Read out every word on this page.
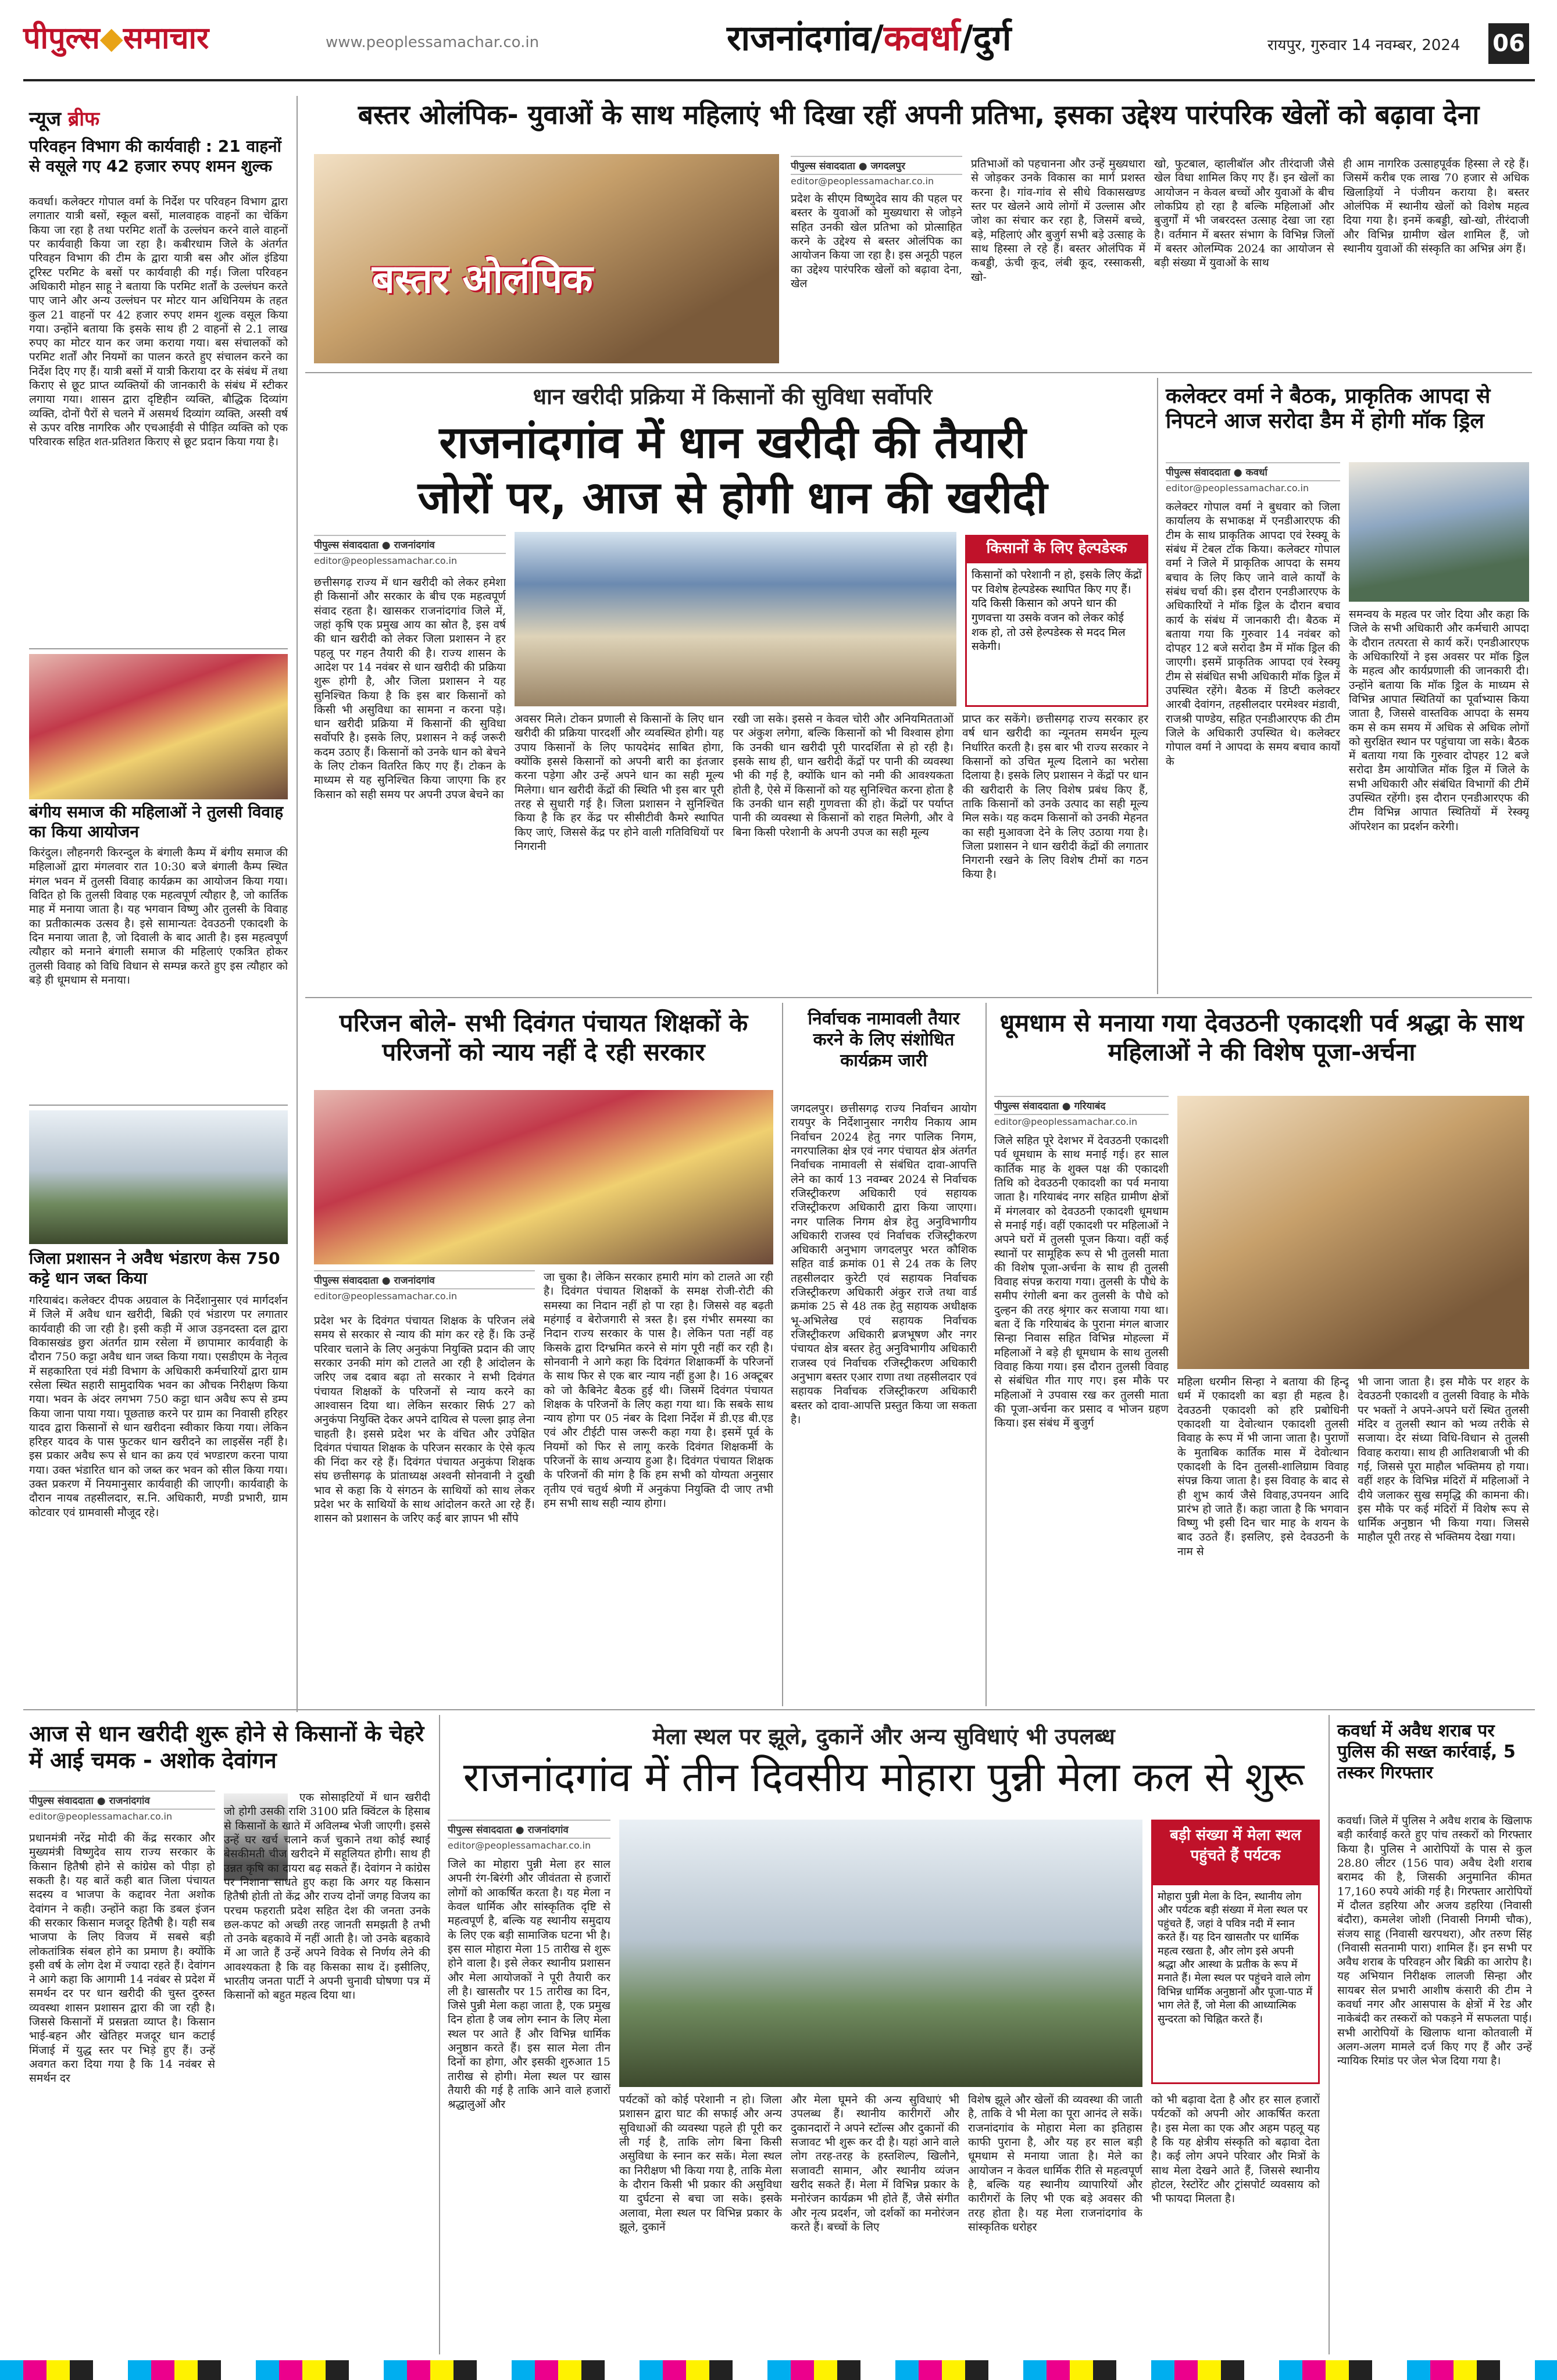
पीपुल्स◆समाचार	www.peoplessamachar.co.in	राजनांदगांव/कवर्धा/दुर्ग	रायपुर, गुरुवार 14 नवम्बर, 2024 06
न्यूज ब्रीफ
परिवहन विभाग की कार्यवाही : 21 वाहनों से वसूले गए 42 हजार रुपए शमन शुल्क
कवर्धा। कलेक्टर गोपाल वर्मा के निर्देश पर परिवहन विभाग द्वारा लगातार यात्री बसों, स्कूल बसों, मालवाहक वाहनों का चेकिंग किया जा रहा है तथा परमिट शर्तों के उल्लंघन करने वाले वाहनों पर कार्यवाही किया जा रहा है। कबीरधाम जिले के अंतर्गत परिवहन विभाग की टीम के द्वारा यात्री बस और ऑल इंडिया टूरिस्ट परमिट के बसों पर कार्यवाही की गई। जिला परिवहन अधिकारी मोहन साहू ने बताया कि परमिट शर्तों के उल्लंघन करते पाए जाने और अन्य उल्लंघन पर मोटर यान अधिनियम के तहत कुल 21 वाहनों पर 42 हजार रुपए शमन शुल्क वसूल किया गया। उन्होंने बताया कि इसके साथ ही 2 वाहनों से 2.1 लाख रुपए का मोटर यान कर जमा कराया गया। बस संचालकों को परमिट शर्तों और नियमों का पालन करते हुए संचालन करने का निर्देश दिए गए हैं। यात्री बसों में यात्री किराया दर के संबंध में तथा किराए से छूट प्राप्त व्यक्तियों की जानकारी के संबंध में स्टीकर लगाया गया। शासन द्वारा दृष्टिहीन व्यक्ति, बौद्धिक दिव्यांग व्यक्ति, दोनों पैरों से चलने में असमर्थ दिव्यांग व्यक्ति, अस्सी वर्ष से ऊपर वरिष्ठ नागरिक और एचआईवी से पीड़ित व्यक्ति को एक परिवारक सहित शत-प्रतिशत किराए से छूट प्रदान किया गया है।
बंगीय समाज की महिलाओं ने तुलसी विवाह का किया आयोजन
किरंदुल। लौहनगरी किरन्दुल के बंगाली कैम्प में बंगीय समाज की महिलाओं द्वारा मंगलवार रात 10:30 बजे बंगाली कैम्प स्थित मंगल भवन में तुलसी विवाह कार्यक्रम का आयोजन किया गया। विदित हो कि तुलसी विवाह एक महत्वपूर्ण त्यौहार है, जो कार्तिक माह में मनाया जाता है। यह भगवान विष्णु और तुलसी के विवाह का प्रतीकात्मक उत्सव है। इसे सामान्यतः देवउठनी एकादशी के दिन मनाया जाता है, जो दिवाली के बाद आती है। इस महत्वपूर्ण त्यौहार को मनाने बंगाली समाज की महिलाएं एकत्रित होकर तुलसी विवाह को विधि विधान से सम्पन्न करते हुए इस त्यौहार को बड़े ही धूमधाम से मनाया।
जिला प्रशासन ने अवैध भंडारण केस 750 कट्टे धान जब्त किया
गरियाबंद। कलेक्टर दीपक अग्रवाल के निर्देशानुसार एवं मार्गदर्शन में जिले में अवैध धान खरीदी, बिक्री एवं भंडारण पर लगातार कार्यवाही की जा रही है। इसी कड़ी में आज उड़नदस्ता दल द्वारा विकासखंड छुरा अंतर्गत ग्राम रसेला में छापामार कार्यवाही के दौरान 750 कट्टा अवैध धान जब्त किया गया। एसडीएम के नेतृत्व में सहकारिता एवं मंडी विभाग के अधिकारी कर्मचारियों द्वारा ग्राम रसेला स्थित सहारी सामुदायिक भवन का औचक निरीक्षण किया गया। भवन के अंदर लगभग 750 कट्टा धान अवैध रूप से डम्प किया जाना पाया गया। पूछताछ करने पर ग्राम का निवासी हरिहर यादव द्वारा किसानों से धान खरीदना स्वीकार किया गया। लेकिन हरिहर यादव के पास फुटकर धान खरीदने का लाइसेंस नहीं है। इस प्रकार अवैध रूप से धान का क्रय एवं भण्डारण करना पाया गया। उक्त भंडारित धान को जब्त कर भवन को सील किया गया। उक्त प्रकरण में नियमानुसार कार्यवाही की जाएगी। कार्यवाही के दौरान नायब तहसीलदार, स.नि. अधिकारी, मण्डी प्रभारी, ग्राम कोटवार एवं ग्रामवासी मौजूद रहे।
बस्तर ओलंपिक- युवाओं के साथ महिलाएं भी दिखा रहीं अपनी प्रतिभा, इसका उद्देश्य पारंपरिक खेलों को बढ़ावा देना
बस्तर ओलंपिक
पीपुल्स संवाददाता ● जगदलपुर
editor@peoplessamachar.co.in
प्रदेश के सीएम विष्णुदेव साय की पहल पर बस्तर के युवाओं को मुख्यधारा से जोड़ने सहित उनकी खेल प्रतिभा को प्रोत्साहित करने के उद्देश्य से बस्तर ओलंपिक का आयोजन किया जा रहा है। इस अनूठी पहल का उद्देश्य पारंपरिक खेलों को बढ़ावा देना, खेल
प्रतिभाओं को पहचानना और उन्हें मुख्यधारा से जोड़कर उनके विकास का मार्ग प्रशस्त करना है। गांव-गांव से सीधे विकासखण्ड स्तर पर खेलने आये लोगों में उल्लास और जोश का संचार कर रहा है, जिसमें बच्चे, बड़े, महिलाएं और बुजुर्ग सभी बड़े उत्साह के साथ हिस्सा ले रहे हैं। बस्तर ओलंपिक में कबड्डी, ऊंची कूद, लंबी कूद, रस्साकसी, खो-
खो, फुटबाल, व्हालीबॉल और तीरंदाजी जैसे खेल विधा शामिल किए गए हैं। इन खेलों का आयोजन न केवल बच्चों और युवाओं के बीच लोकप्रिय हो रहा है बल्कि महिलाओं और बुजुर्गों में भी जबरदस्त उत्साह देखा जा रहा है। वर्तमान में बस्तर संभाग के विभिन्न जिलों में बस्तर ओलम्पिक 2024 का आयोजन से बड़ी संख्या में युवाओं के साथ
ही आम नागरिक उत्साहपूर्वक हिस्सा ले रहे हैं। जिसमें करीब एक लाख 70 हजार से अधिक खिलाड़ियों ने पंजीयन कराया है। बस्तर ओलंपिक में स्थानीय खेलों को विशेष महत्व दिया गया है। इनमें कबड्डी, खो-खो, तीरंदाजी और विभिन्न ग्रामीण खेल शामिल हैं, जो स्थानीय युवाओं की संस्कृति का अभिन्न अंग हैं।
धान खरीदी प्रक्रिया में किसानों की सुविधा सर्वोपरि
राजनांदगांव में धान खरीदी की तैयारी
जोरों पर, आज से होगी धान की खरीदी
पीपुल्स संवाददाता ● राजनांदगांव
editor@peoplessamachar.co.in
किसानों के लिए हेल्पडेस्क
किसानों को परेशानी न हो, इसके लिए केंद्रों पर विशेष हेल्पडेस्क स्थापित किए गए हैं। यदि किसी किसान को अपने धान की गुणवत्ता या उसके वजन को लेकर कोई शक हो, तो उसे हेल्पडेस्क से मदद मिल सकेगी।
छत्तीसगढ़ राज्य में धान खरीदी को लेकर हमेशा ही किसानों और सरकार के बीच एक महत्वपूर्ण संवाद रहता है। खासकर राजनांदगांव जिले में, जहां कृषि एक प्रमुख आय का स्रोत है, इस वर्ष की धान खरीदी को लेकर जिला प्रशासन ने हर पहलू पर गहन तैयारी की है। राज्य शासन के आदेश पर 14 नवंबर से धान खरीदी की प्रक्रिया शुरू होगी है, और जिला प्रशासन ने यह सुनिश्चित किया है कि इस बार किसानों को किसी भी असुविधा का सामना न करना पड़े। धान खरीदी प्रक्रिया में किसानों की सुविधा सर्वोपरि है। इसके लिए, प्रशासन ने कई जरूरी कदम उठाए हैं। किसानों को उनके धान को बेचने के लिए टोकन वितरित किए गए हैं। टोकन के माध्यम से यह सुनिश्चित किया जाएगा कि हर किसान को सही समय पर अपनी उपज बेचने का
अवसर मिले। टोकन प्रणाली से किसानों के लिए धान खरीदी की प्रक्रिया पारदर्शी और व्यवस्थित होगी। यह उपाय किसानों के लिए फायदेमंद साबित होगा, क्योंकि इससे किसानों को अपनी बारी का इंतजार करना पड़ेगा और उन्हें अपने धान का सही मूल्य मिलेगा। धान खरीदी केंद्रों की स्थिति भी इस बार पूरी तरह से सुधारी गई है। जिला प्रशासन ने सुनिश्चित किया है कि हर केंद्र पर सीसीटीवी कैमरे स्थापित किए जाएं, जिससे केंद्र पर होने वाली गतिविधियों पर निगरानी
रखी जा सके। इससे न केवल चोरी और अनियमितताओं पर अंकुश लगेगा, बल्कि किसानों को भी विश्वास होगा कि उनकी धान खरीदी पूरी पारदर्शिता से हो रही है। इसके साथ ही, धान खरीदी केंद्रों पर पानी की व्यवस्था भी की गई है, क्योंकि धान को नमी की आवश्यकता होती है, ऐसे में किसानों को यह सुनिश्चित करना होता है कि उनकी धान सही गुणवत्ता की हो। केंद्रों पर पर्याप्त पानी की व्यवस्था से किसानों को राहत मिलेगी, और वे बिना किसी परेशानी के अपनी उपज का सही मूल्य
प्राप्त कर सकेंगे। छत्तीसगढ़ राज्य सरकार हर वर्ष धान खरीदी का न्यूनतम समर्थन मूल्य निर्धारित करती है। इस बार भी राज्य सरकार ने किसानों को उचित मूल्य दिलाने का भरोसा दिलाया है। इसके लिए प्रशासन ने केंद्रों पर धान की खरीदारी के लिए विशेष प्रबंध किए हैं, ताकि किसानों को उनके उत्पाद का सही मूल्य मिल सके। यह कदम किसानों को उनकी मेहनत का सही मुआवजा देने के लिए उठाया गया है। जिला प्रशासन ने धान खरीदी केंद्रों की लगातार निगरानी रखने के लिए विशेष टीमों का गठन किया है।
कलेक्टर वर्मा ने बैठक, प्राकृतिक आपदा से निपटने आज सरोदा डैम में होगी मॉक ड्रिल
पीपुल्स संवाददाता ● कवर्धा
editor@peoplessamachar.co.in
कलेक्टर गोपाल वर्मा ने बुधवार को जिला कार्यालय के सभाकक्ष में एनडीआरएफ की टीम के साथ प्राकृतिक आपदा एवं रेस्क्यू के संबंध में टेबल टॉक किया। कलेक्टर गोपाल वर्मा ने जिले में प्राकृतिक आपदा के समय बचाव के लिए किए जाने वाले कार्यों के संबंध चर्चा की। इस दौरान एनडीआरएफ के अधिकारियों ने मॉक ड्रिल के दौरान बचाव कार्य के संबंध में जानकारी दी। बैठक में बताया गया कि गुरुवार 14 नवंबर को दोपहर 12 बजे सरोदा डैम में मॉक ड्रिल की जाएगी। इसमें प्राकृतिक आपदा एवं रेस्क्यू टीम से संबंधित सभी अधिकारी मॉक ड्रिल में उपस्थित रहेंगे। बैठक में डिप्टी कलेक्टर आरबी देवांगन, तहसीलदार परमेश्वर मंडावी, राजश्री पाण्डेय, सहित एनडीआरएफ की टीम जिले के अधिकारी उपस्थित थे। कलेक्टर गोपाल वर्मा ने आपदा के समय बचाव कार्यों के
समन्वय के महत्व पर जोर दिया और कहा कि जिले के सभी अधिकारी और कर्मचारी आपदा के दौरान तत्परता से कार्य करें। एनडीआरएफ के अधिकारियों ने इस अवसर पर मॉक ड्रिल के महत्व और कार्यप्रणाली की जानकारी दी। उन्होंने बताया कि मॉक ड्रिल के माध्यम से विभिन्न आपात स्थितियों का पूर्वाभ्यास किया जाता है, जिससे वास्तविक आपदा के समय कम से कम समय में अधिक से अधिक लोगों को सुरक्षित स्थान पर पहुंचाया जा सके। बैठक में बताया गया कि गुरुवार दोपहर 12 बजे सरोदा डैम आयोजित मॉक ड्रिल में जिले के सभी अधिकारी और संबंधित विभागों की टीमें उपस्थित रहेंगी। इस दौरान एनडीआरएफ की टीम विभिन्न आपात स्थितियों में रेस्क्यू ऑपरेशन का प्रदर्शन करेगी।
परिजन बोले- सभी दिवंगत पंचायत शिक्षकों के परिजनों को न्याय नहीं दे रही सरकार
पीपुल्स संवाददाता ● राजनांदगांव
editor@peoplessamachar.co.in
प्रदेश भर के दिवंगत पंचायत शिक्षक के परिजन लंबे समय से सरकार से न्याय की मांग कर रहे हैं। कि उन्हें परिवार चलाने के लिए अनुकंपा नियुक्ति प्रदान की जाए सरकार उनकी मांग को टालते आ रही है आंदोलन के जरिए जब दबाव बढ़ा तो सरकार ने सभी दिवंगत पंचायत शिक्षकों के परिजनों से न्याय करने का आश्वासन दिया था। लेकिन सरकार सिर्फ 27 को अनुकंपा नियुक्ति देकर अपने दायित्व से पल्ला झाड़ लेना चाहती है। इससे प्रदेश भर के वंचित और उपेक्षित दिवंगत पंचायत शिक्षक के परिजन सरकार के ऐसे कृत्य की निंदा कर रहे हैं। दिवंगत पंचायत अनुकंपा शिक्षक संघ छत्तीसगढ़ के प्रांताध्यक्ष अश्वनी सोनवानी ने दुखी भाव से कहा कि ये संगठन के साथियों को साथ लेकर प्रदेश भर के साथियों के साथ आंदोलन करते आ रहे हैं। शासन को प्रशासन के जरिए कई बार ज्ञापन भी सौंपे
जा चुका है। लेकिन सरकार हमारी मांग को टालते आ रही है। दिवंगत पंचायत शिक्षकों के समक्ष रोजी-रोटी की समस्या का निदान नहीं हो पा रहा है। जिससे वह बढ़ती महंगाई व बेरोजगारी से त्रस्त है। इस गंभीर समस्या का निदान राज्य सरकार के पास है। लेकिन पता नहीं वह किसके द्वारा दिग्भ्रमित करने से मांग पूरी नहीं कर रही है। सोनवानी ने आगे कहा कि दिवंगत शिक्षाकर्मी के परिजनों के साथ फिर से एक बार न्याय नहीं हुआ है। 16 अक्टूबर को जो कैबिनेट बैठक हुई थी। जिसमें दिवंगत पंचायत शिक्षक के परिजनों के लिए कहा गया था। कि सबके साथ न्याय होगा पर 05 नंबर के दिशा निर्देश में डी.एड बी.एड एवं और टीईटी पास जरूरी कहा गया है। इसमें पूर्व के नियमों को फिर से लागू करके दिवंगत शिक्षकर्मी के परिजनों के साथ अन्याय हुआ है। दिवंगत पंचायत शिक्षक के परिजनों की मांग है कि हम सभी को योग्यता अनुसार तृतीय एवं चतुर्थ श्रेणी में अनुकंपा नियुक्ति दी जाए तभी हम सभी साथ सही न्याय होगा।
निर्वाचक नामावली तैयार करने के लिए संशोधित कार्यक्रम जारी
जगदलपुर। छत्तीसगढ़ राज्य निर्वाचन आयोग रायपुर के निर्देशानुसार नगरीय निकाय आम निर्वाचन 2024 हेतु नगर पालिक निगम, नगरपालिका क्षेत्र एवं नगर पंचायत क्षेत्र अंतर्गत निर्वाचक नामावली से संबंधित दावा-आपत्ति लेने का कार्य 13 नवम्बर 2024 से निर्वाचक रजिस्ट्रीकरण अधिकारी एवं सहायक रजिस्ट्रीकरण अधिकारी द्वारा किया जाएगा। नगर पालिक निगम क्षेत्र हेतु अनुविभागीय अधिकारी राजस्व एवं निर्वाचक रजिस्ट्रीकरण अधिकारी अनुभाग जगदलपुर भरत कौशिक सहित वार्ड क्रमांक 01 से 24 तक के लिए तहसीलदार कुरेटी एवं सहायक निर्वाचक रजिस्ट्रीकरण अधिकारी अंकुर राजे तथा वार्ड क्रमांक 25 से 48 तक हेतु सहायक अधीक्षक भू-अभिलेख एवं सहायक निर्वाचक रजिस्ट्रीकरण अधिकारी ब्रजभूषण और नगर पंचायत क्षेत्र बस्तर हेतु अनुविभागीय अधिकारी राजस्व एवं निर्वाचक रजिस्ट्रीकरण अधिकारी अनुभाग बस्तर एआर राणा तथा तहसीलदार एवं सहायक निर्वाचक रजिस्ट्रीकरण अधिकारी बस्तर को दावा-आपत्ति प्रस्तुत किया जा सकता है।
धूमधाम से मनाया गया देवउठनी एकादशी पर्व श्रद्धा के साथ महिलाओं ने की विशेष पूजा-अर्चना
पीपुल्स संवाददाता ● गरियाबंद
editor@peoplessamachar.co.in
जिले सहित पूरे देशभर में देवउठनी एकादशी पर्व धूमधाम के साथ मनाई गई। हर साल कार्तिक माह के शुक्ल पक्ष की एकादशी तिथि को देवउठनी एकादशी का पर्व मनाया जाता है। गरियाबंद नगर सहित ग्रामीण क्षेत्रों में मंगलवार को देवउठनी एकादशी धूमधाम से मनाई गई। वहीं एकादशी पर महिलाओं ने अपने घरों में तुलसी पूजन किया। वहीं कई स्थानों पर सामूहिक रूप से भी तुलसी माता की विशेष पूजा-अर्चना के साथ ही तुलसी विवाह संपन्न कराया गया। तुलसी के पौधे के समीप रंगोली बना कर तुलसी के पौधे को दुल्हन की तरह श्रृंगार कर सजाया गया था। बता दें कि गरियाबंद के पुराना मंगल बाजार सिन्हा निवास सहित विभिन्न मोहल्ला में महिलाओं ने बड़े ही धूमधाम के साथ तुलसी विवाह किया गया। इस दौरान तुलसी विवाह से संबंधित गीत गाए गए। इस मौके पर महिलाओं ने उपवास रख कर तुलसी माता की पूजा-अर्चना कर प्रसाद व भोजन ग्रहण किया। इस संबंध में बुजुर्ग
महिला धरमीन सिन्हा ने बताया की हिन्दू धर्म में एकादशी का बड़ा ही महत्व है। देवउठनी एकादशी को हरि प्रबोधिनी एकादशी या देवोत्थान एकादशी तुलसी विवाह के रूप में भी जाना जाता है। पुराणों के मुताबिक कार्तिक मास में देवोत्थान एकादशी के दिन तुलसी-शालिग्राम विवाह संपन्न किया जाता है। इस विवाह के बाद से ही शुभ कार्य जैसे विवाह,उपनयन आदि प्रारंभ हो जाते हैं। कहा जाता है कि भगवान विष्णु भी इसी दिन चार माह के शयन के बाद उठते हैं। इसलिए, इसे देवउठनी के नाम से
भी जाना जाता है। इस मौके पर शहर के देवउठनी एकादशी व तुलसी विवाह के मौके पर भक्तों ने अपने-अपने घरों स्थित तुलसी मंदिर व तुलसी स्थान को भव्य तरीके से सजाया। देर संध्या विधि-विधान से तुलसी विवाह कराया। साथ ही आतिशबाजी भी की गई, जिससे पूरा माहौल भक्तिमय हो गया। वहीं शहर के विभिन्न मंदिरों में महिलाओं ने दीये जलाकर सुख समृद्धि की कामना की। इस मौके पर कई मंदिरों में विशेष रूप से धार्मिक अनुष्ठान भी किया गया। जिससे माहौल पूरी तरह से भक्तिमय देखा गया।
आज से धान खरीदी शुरू होने से किसानों के चेहरे में आई चमक - अशोक देवांगन
पीपुल्स संवाददाता ● राजनांदगांव
editor@peoplessamachar.co.in
प्रधानमंत्री नरेंद्र मोदी की केंद्र सरकार और मुख्यमंत्री विष्णुदेव साय राज्य सरकार के किसान हितैषी होने से कांग्रेस को पीड़ा हो सकती है। यह बातें कही बात जिला पंचायत सदस्य व भाजपा के कद्दावर नेता अशोक देवांगन ने कही। उन्होंने कहा कि डबल इंजन की सरकार किसान मजदूर हितैषी है। यही सब भाजपा के लिए विजय में सबसे बड़ी लोकतांत्रिक संबल होने का प्रमाण है। क्योंकि इसी वर्ष के लोग देश में ज्यादा रहते हैं। देवांगन ने आगे कहा कि आगामी 14 नवंबर से प्रदेश में समर्थन दर पर धान खरीदी की चुस्त दुरुस्त व्यवस्था शासन प्रशासन द्वारा की जा रही है। जिससे किसानों में प्रसन्नता व्याप्त है। किसान भाई-बहन और खेतिहर मजदूर धान कटाई मिंजाई में युद्ध स्तर पर भिड़े हुए हैं। उन्हें अवगत करा दिया गया है कि 14 नवंबर से समर्थन दर
एक सोसाइटियों में धान खरीदी जो होगी उसकी राशि 3100 प्रति क्विंटल के हिसाब से किसानों के खाते में अविलम्ब भेजी जाएगी। इससे उन्हें घर खर्च चलाने कर्ज चुकाने तथा कोई स्थाई बेसकीमती चीज खरीदने में सहूलियत होगी। साथ ही उन्नत कृषि का दायरा बढ़ सकते हैं। देवांगन ने कांग्रेस पर निशाना साधते हुए कहा कि अगर यह किसान हितैषी होती तो केंद्र और राज्य दोनों जगह विजय का परचम फहराती प्रदेश सहित देश की जनता उनके छल-कपट को अच्छी तरह जानती समझती है तभी तो उनके बहकावे में नहीं आती है। जो उनके बहकावे में आ जाते हैं उन्हें अपने विवेक से निर्णय लेने की आवश्यकता है कि वह किसका साथ दें। इसीलिए, भारतीय जनता पार्टी ने अपनी चुनावी घोषणा पत्र में किसानों को बहुत महत्व दिया था।
मेला स्थल पर झूले, दुकानें और अन्य सुविधाएं भी उपलब्ध
राजनांदगांव में तीन दिवसीय मोहारा पुन्नी मेला कल से शुरू
पीपुल्स संवाददाता ● राजनांदगांव
editor@peoplessamachar.co.in
बड़ी संख्या में मेला स्थल पहुंचते हैं पर्यटक
मोहारा पुन्नी मेला के दिन, स्थानीय लोग और पर्यटक बड़ी संख्या में मेला स्थल पर पहुंचते हैं, जहां वे पवित्र नदी में स्नान करते हैं। यह दिन खासतौर पर धार्मिक महत्व रखता है, और लोग इसे अपनी श्रद्धा और आस्था के प्रतीक के रूप में मनाते हैं। मेला स्थल पर पहुंचने वाले लोग विभिन्न धार्मिक अनुष्ठानों और पूजा-पाठ में भाग लेते हैं, जो मेला की आध्यात्मिक सुन्दरता को चिह्नित करते हैं।
जिले का मोहारा पुन्नी मेला हर साल अपनी रंग-बिरंगी और जीवंतता से हजारों लोगों को आकर्षित करता है। यह मेला न केवल धार्मिक और सांस्कृतिक दृष्टि से महत्वपूर्ण है, बल्कि यह स्थानीय समुदाय के लिए एक बड़ी सामाजिक घटना भी है। इस साल मोहारा मेला 15 तारीख से शुरू होने वाला है। इसे लेकर स्थानीय प्रशासन और मेला आयोजकों ने पूरी तैयारी कर ली है। खासतौर पर 15 तारीख का दिन, जिसे पुन्नी मेला कहा जाता है, एक प्रमुख दिन होता है जब लोग स्नान के लिए मेला स्थल पर आते हैं और विभिन्न धार्मिक अनुष्ठान करते हैं। इस साल मेला तीन दिनों का होगा, और इसकी शुरुआत 15 तारीख से होगी। मेला स्थल पर खास तैयारी की गई है ताकि आने वाले हजारों श्रद्धालुओं और	पर्यटकों को कोई परेशानी न हो। जिला प्रशासन द्वारा घाट की सफाई और अन्य सुविधाओं की व्यवस्था पहले ही पूरी कर ली गई है, ताकि लोग बिना किसी असुविधा के स्नान कर सकें। मेला स्थल का निरीक्षण भी किया गया है, ताकि मेला के दौरान किसी भी प्रकार की असुविधा या दुर्घटना से बचा जा सके। इसके अलावा, मेला स्थल पर विभिन्न प्रकार के झूले, दुकानें
और मेला घूमने की अन्य सुविधाएं भी उपलब्ध हैं। स्थानीय कारीगरों और दुकानदारों ने अपने स्टॉल्स और दुकानों की सजावट भी शुरू कर दी है। यहां आने वाले लोग तरह-तरह के हस्तशिल्प, खिलौने, सजावटी सामान, और स्थानीय व्यंजन खरीद सकते हैं। मेला में विभिन्न प्रकार के मनोरंजन कार्यक्रम भी होते हैं, जैसे संगीत और नृत्य प्रदर्शन, जो दर्शकों का मनोरंजन करते हैं। बच्चों के लिए
विशेष झूले और खेलों की व्यवस्था की जाती है, ताकि वे भी मेला का पूरा आनंद ले सकें। राजनांदगांव के मोहारा मेला का इतिहास काफी पुराना है, और यह हर साल बड़ी धूमधाम से मनाया जाता है। मेले का आयोजन न केवल धार्मिक रीति से महत्वपूर्ण है, बल्कि यह स्थानीय व्यापारियों और कारीगरों के लिए भी एक बड़े अवसर की तरह होता है। यह मेला राजनांदगांव के सांस्कृतिक धरोहर
को भी बढ़ावा देता है और हर साल हजारों पर्यटकों को अपनी ओर आकर्षित करता है। इस मेला का एक और अहम पहलू यह है कि यह क्षेत्रीय संस्कृति को बढ़ावा देता है। कई लोग अपने परिवार और मित्रों के साथ मेला देखने आते हैं, जिससे स्थानीय होटल, रेस्टोरेंट और ट्रांसपोर्ट व्यवसाय को भी फायदा मिलता है।
कवर्धा में अवैध शराब पर पुलिस की सख्त कार्रवाई, 5 तस्कर गिरफ्तार
कवर्धा। जिले में पुलिस ने अवैध शराब के खिलाफ बड़ी कार्रवाई करते हुए पांच तस्करों को गिरफ्तार किया है। पुलिस ने आरोपियों के पास से कुल 28.80 लीटर (156 पाव) अवैध देशी शराब बरामद की है, जिसकी अनुमानित कीमत 17,160 रुपये आंकी गई है। गिरफ्तार आरोपियों में दौलत डहरिया और अजय डहरिया (निवासी बंदौरा), कमलेश जोशी (निवासी निगमी चौक), संजय साहू (निवासी खरपथरा), और तरुण सिंह (निवासी सतनामी पारा) शामिल हैं। इन सभी पर अवैध शराब के परिवहन और बिक्री का आरोप है। यह अभियान निरीक्षक लालजी सिन्हा और सायबर सेल प्रभारी आशीष कंसारी की टीम ने कवर्धा नगर और आसपास के क्षेत्रों में रेड और नाकेबंदी कर तस्करों को पकड़ने में सफलता पाई। सभी आरोपियों के खिलाफ थाना कोतवाली में अलग-अलग मामले दर्ज किए गए हैं और उन्हें न्यायिक रिमांड पर जेल भेज दिया गया है।
